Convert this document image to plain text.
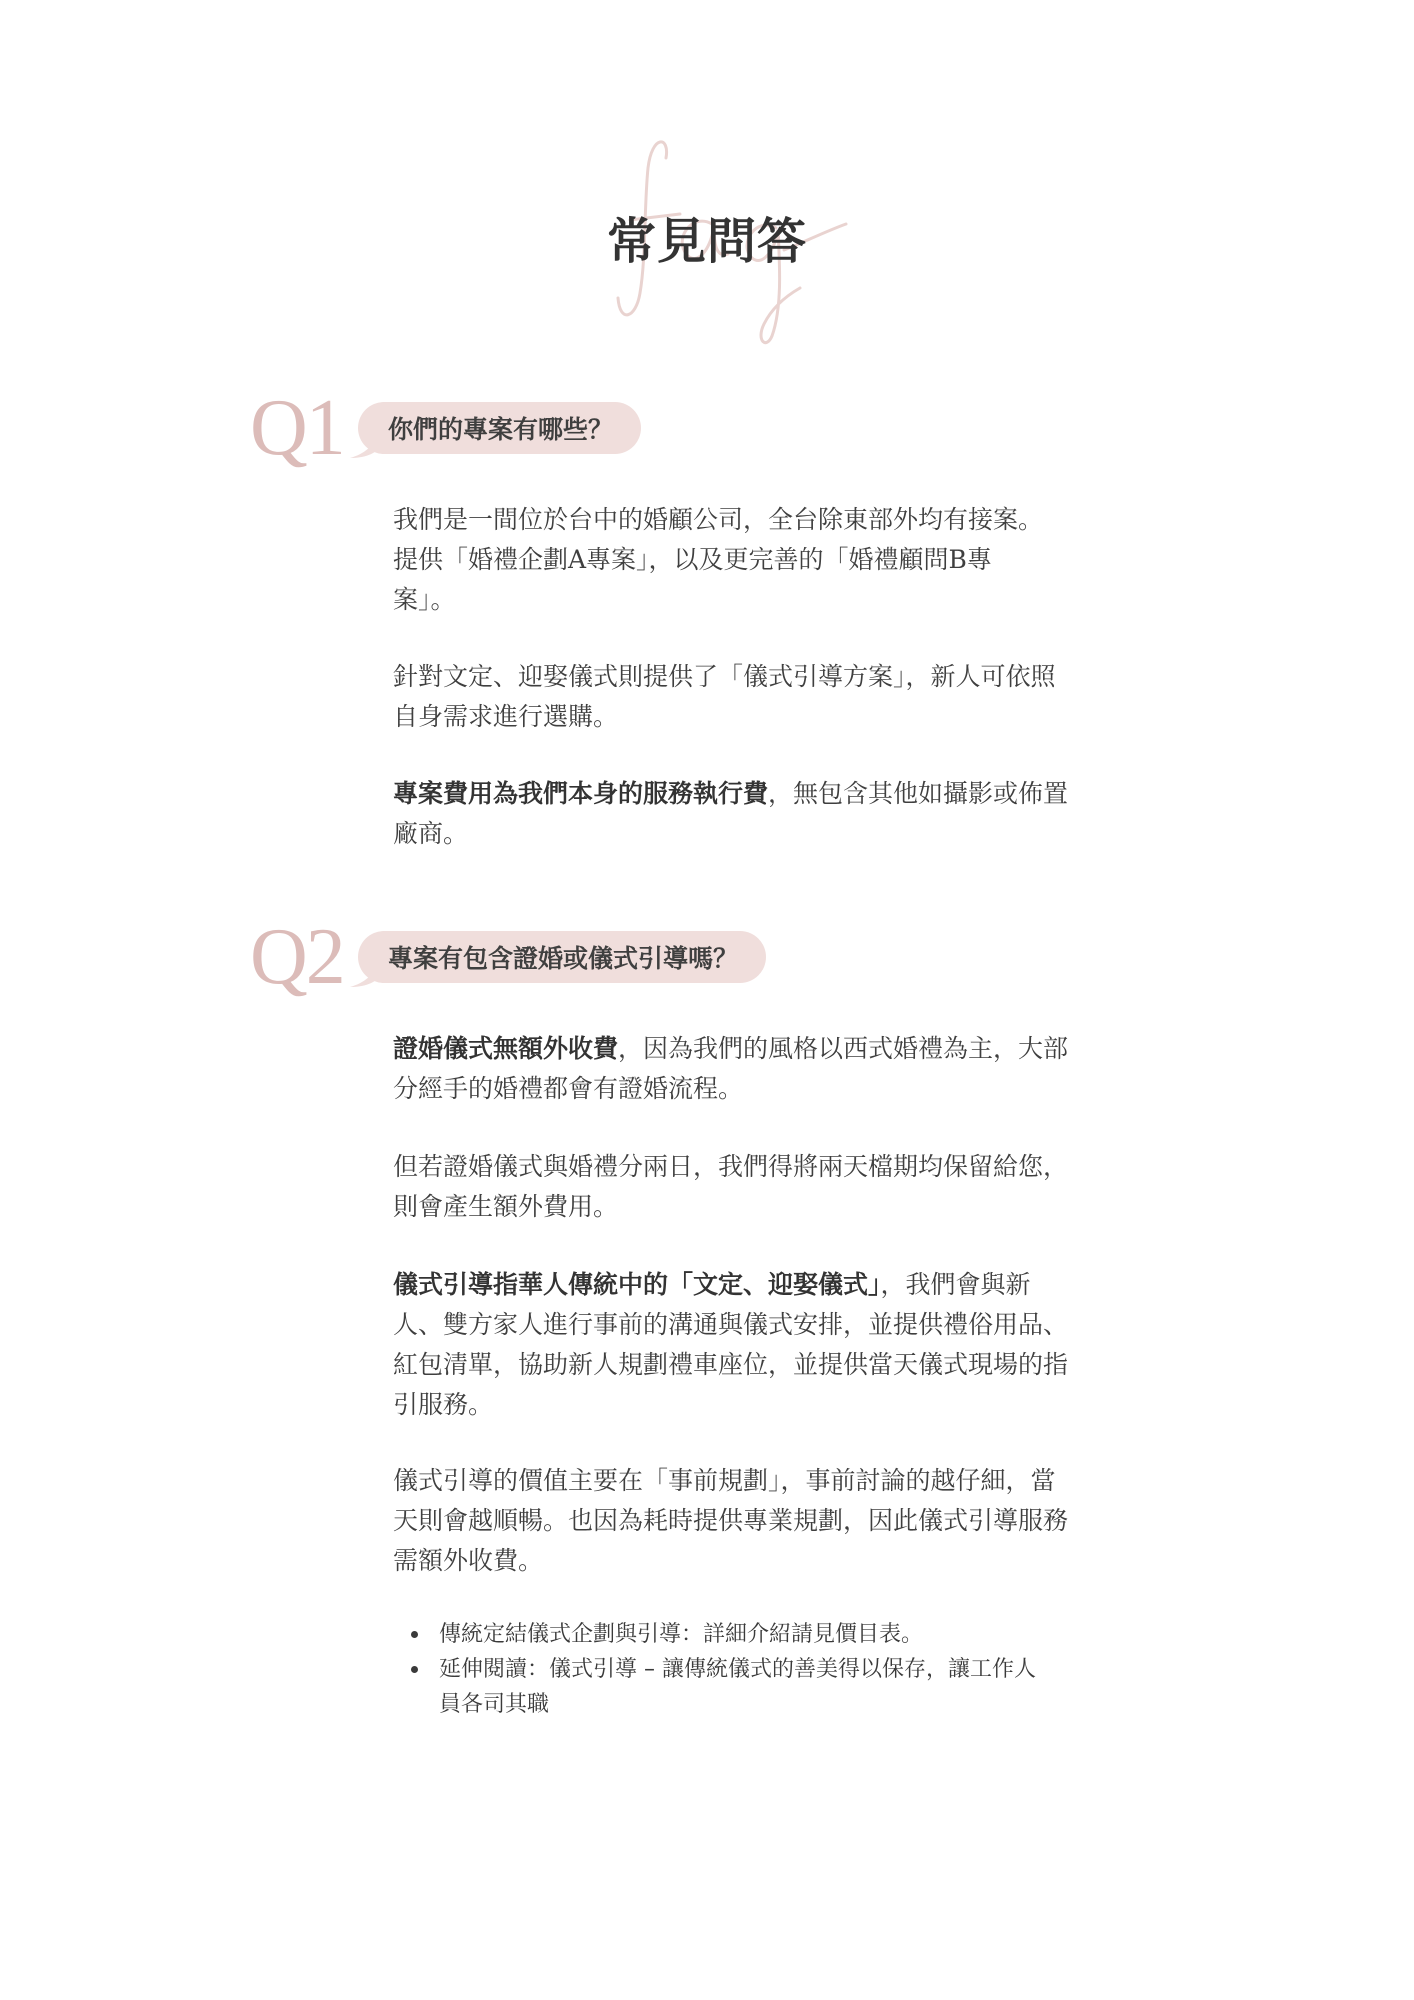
常見問答
Q1 你們的專案有哪些？

我們是一間位於台中的婚顧公司，全台除東部外均有接案。
提供「婚禮企劃A專案」，以及更完善的「婚禮顧問B專
案」。

針對文定、迎娶儀式則提供了「儀式引導方案」，新人可依照
自身需求進行選購。

專案費用為我們本身的服務執行費，無包含其他如攝影或佈置
廠商。

Q2 專案有包含證婚或儀式引導嗎？

證婚儀式無額外收費，因為我們的風格以西式婚禮為主，大部
分經手的婚禮都會有證婚流程。

但若證婚儀式與婚禮分兩日，我們得將兩天檔期均保留給您，
則會產生額外費用。

儀式引導指華人傳統中的「文定、迎娶儀式」，我們會與新
人、雙方家人進行事前的溝通與儀式安排，並提供禮俗用品、
紅包清單，協助新人規劃禮車座位，並提供當天儀式現場的指
引服務。

儀式引導的價值主要在「事前規劃」，事前討論的越仔細，當
天則會越順暢。也因為耗時提供專業規劃，因此儀式引導服務
需額外收費。

傳統定結儀式企劃與引導：詳細介紹請見價目表。
延伸閱讀：儀式引導 – 讓傳統儀式的善美得以保存，讓工作人
員各司其職
